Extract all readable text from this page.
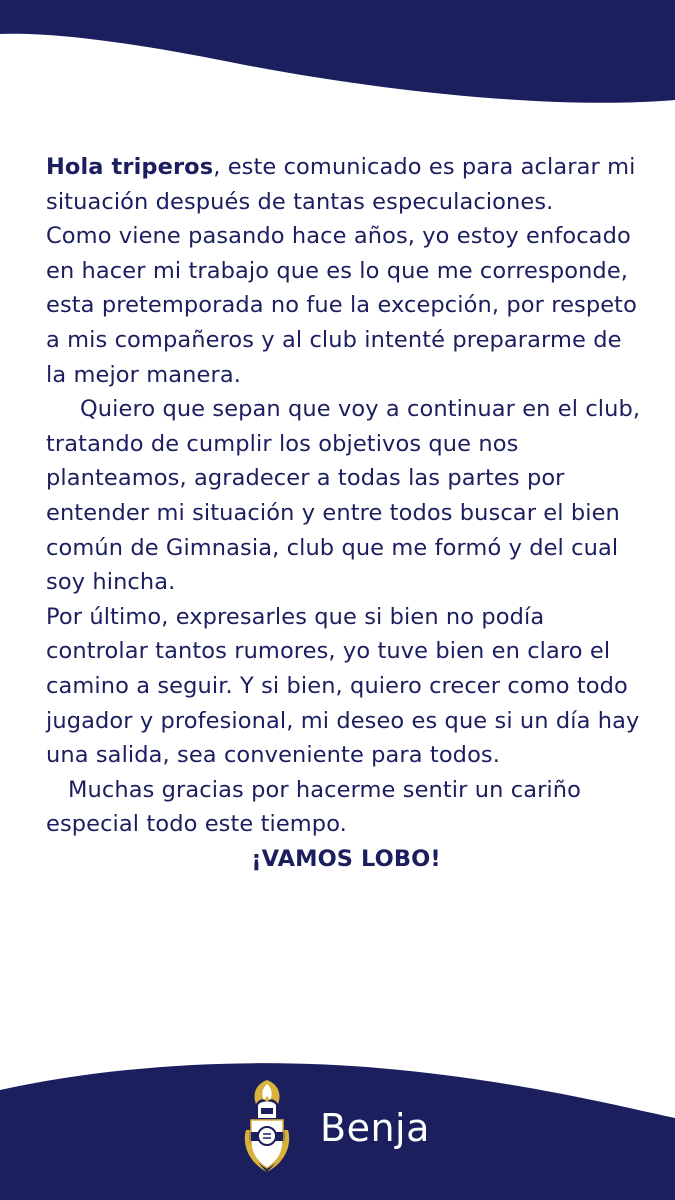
Hola triperos, este comunicado es para aclarar mi situación después de tantas especulaciones.

Como viene pasando hace años, yo estoy enfocado en hacer mi trabajo que es lo que me corresponde, esta pretemporada no fue la excepción, por respeto a mis compañeros y al club intenté prepararme de la mejor manera.

Quiero que sepan que voy a continuar en el club, tratando de cumplir los objetivos que nos planteamos, agradecer a todas las partes por entender mi situación y entre todos buscar el bien común de Gimnasia, club que me formó y del cual soy hincha.

Por último, expresarles que si bien no podía controlar tantos rumores, yo tuve bien en claro el camino a seguir. Y si bien, quiero crecer como todo jugador y profesional, mi deseo es que si un día hay una salida, sea conveniente para todos.

Muchas gracias por hacerme sentir un cariño especial todo este tiempo.

¡VAMOS LOBO!

Benja
